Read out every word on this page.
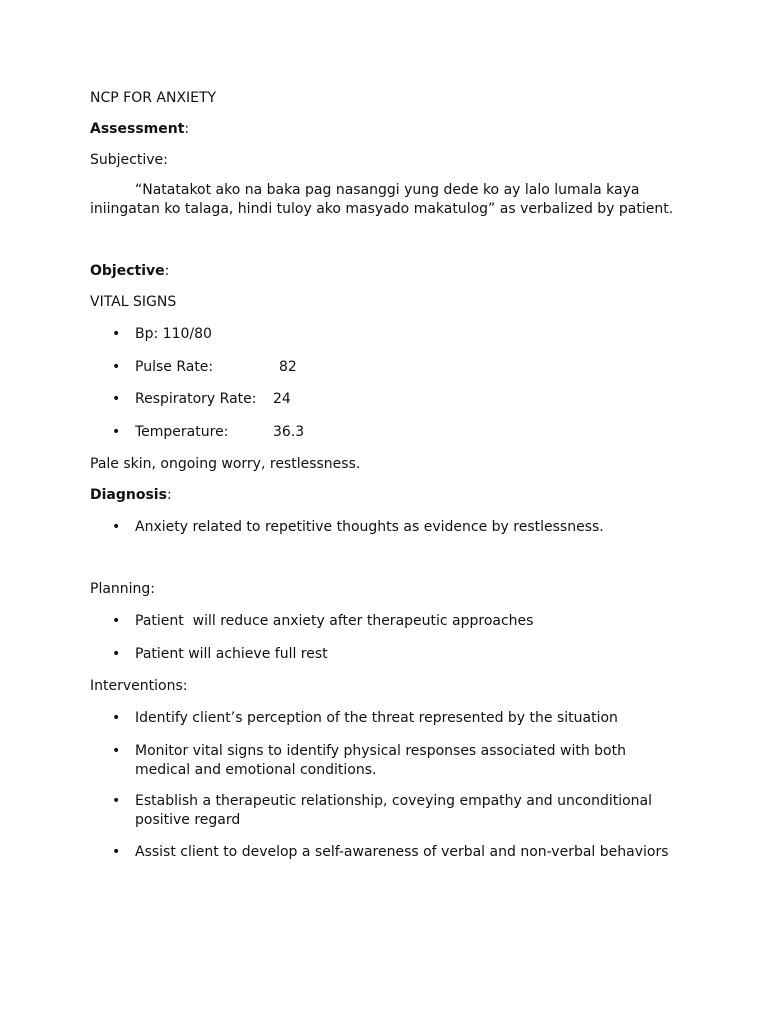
NCP FOR ANXIETY
Assessment:
Subjective:
“Natatakot ako na baka pag nasanggi yung dede ko ay lalo lumala kaya iniingatan ko talaga, hindi tuloy ako masyado makatulog” as verbalized by patient.
Objective:
VITAL SIGNS
•	Bp: 110/80
•	Pulse Rate:	82
•	Respiratory Rate: 24
•	Temperature:	36.3
Pale skin, ongoing worry, restlessness.
Diagnosis:
•	Anxiety related to repetitive thoughts as evidence by restlessness.
Planning:
•	Patient  will reduce anxiety after therapeutic approaches
•	Patient will achieve full rest
Interventions:
•	Identify client’s perception of the threat represented by the situation
•	Monitor vital signs to identify physical responses associated with both medical and emotional conditions.
•	Establish a therapeutic relationship, coveying empathy and unconditional positive regard
•	Assist client to develop a self-awareness of verbal and non-verbal behaviors
